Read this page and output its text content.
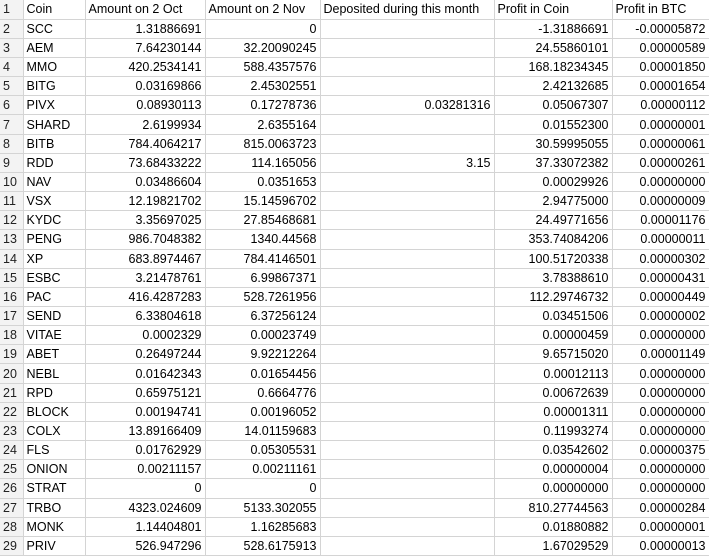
1	Coin	Amount on 2 Oct	Amount on 2 Nov	Deposited during this month	Profit in Coin	Profit in BTC
2	SCC	1.31886691	0		-1.31886691	-0.00005872
3	AEM	7.64230144	32.20090245		24.55860101	0.00000589
4	MMO	420.2534141	588.4357576		168.18234345	0.00001850
5	BITG	0.03169866	2.45302551		2.42132685	0.00001654
6	PIVX	0.08930113	0.17278736	0.03281316	0.05067307	0.00000112
7	SHARD	2.6199934	2.6355164		0.01552300	0.00000001
8	BITB	784.4064217	815.0063723		30.59995055	0.00000061
9	RDD	73.68433222	114.165056	3.15	37.33072382	0.00000261
10	NAV	0.03486604	0.0351653		0.00029926	0.00000000
11	VSX	12.19821702	15.14596702		2.94775000	0.00000009
12	KYDC	3.35697025	27.85468681		24.49771656	0.00001176
13	PENG	986.7048382	1340.44568		353.74084206	0.00000011
14	XP	683.8974467	784.4146501		100.51720338	0.00000302
15	ESBC	3.21478761	6.99867371		3.78388610	0.00000431
16	PAC	416.4287283	528.7261956		112.29746732	0.00000449
17	SEND	6.33804618	6.37256124		0.03451506	0.00000002
18	VITAE	0.0002329	0.00023749		0.00000459	0.00000000
19	ABET	0.26497244	9.92212264		9.65715020	0.00001149
20	NEBL	0.01642343	0.01654456		0.00012113	0.00000000
21	RPD	0.65975121	0.6664776		0.00672639	0.00000000
22	BLOCK	0.00194741	0.00196052		0.00001311	0.00000000
23	COLX	13.89166409	14.01159683		0.11993274	0.00000000
24	FLS	0.01762929	0.05305531		0.03542602	0.00000375
25	ONION	0.00211157	0.00211161		0.00000004	0.00000000
26	STRAT	0	0		0.00000000	0.00000000
27	TRBO	4323.024609	5133.302055		810.27744563	0.00000284
28	MONK	1.14404801	1.16285683		0.01880882	0.00000001
29	PRIV	526.947296	528.6175913		1.67029529	0.00000013
